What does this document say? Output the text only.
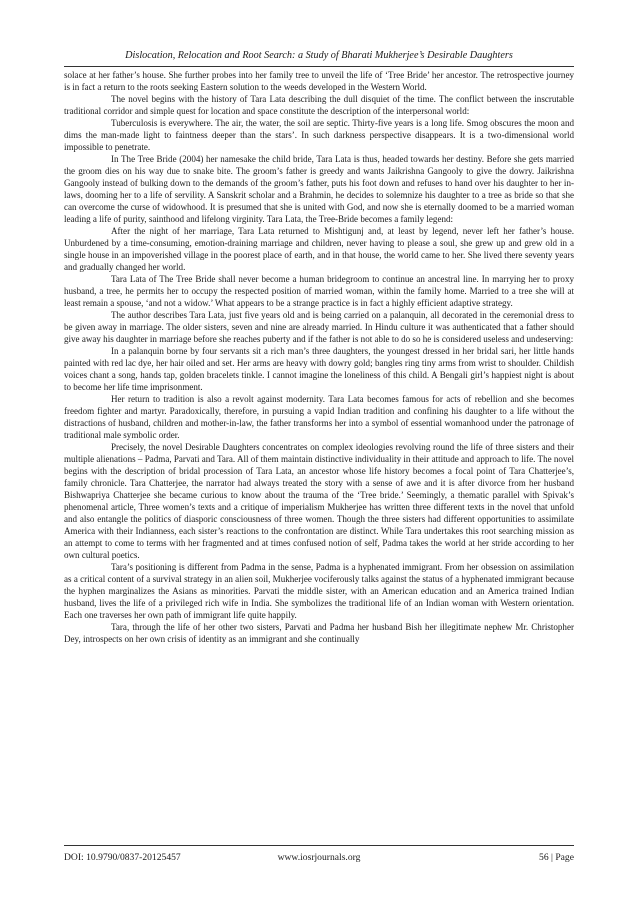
Dislocation, Relocation and Root Search: a Study of Bharati Mukherjee’s Desirable Daughters

solace at her father’s house. She further probes into her family tree to unveil the life of ‘Tree Bride’ her ancestor. The retrospective journey is in fact a return to the roots seeking Eastern solution to the weeds developed in the Western World.

The novel begins with the history of Tara Lata describing the dull disquiet of the time. The conflict between the inscrutable traditional corridor and simple quest for location and space constitute the description of the interpersonal world:

Tuberculosis is everywhere. The air, the water, the soil are septic. Thirty-five years is a long life. Smog obscures the moon and dims the man-made light to faintness deeper than the stars’. In such darkness perspective disappears. It is a two-dimensional world impossible to penetrate.

In The Tree Bride (2004) her namesake the child bride, Tara Lata is thus, headed towards her destiny. Before she gets married the groom dies on his way due to snake bite. The groom’s father is greedy and wants Jaikrishna Gangooly to give the dowry. Jaikrishna Gangooly instead of bulking down to the demands of the groom’s father, puts his foot down and refuses to hand over his daughter to her in-laws, dooming her to a life of servility. A Sanskrit scholar and a Brahmin, he decides to solemnize his daughter to a tree as bride so that she can overcome the curse of widowhood. It is presumed that she is united with God, and now she is eternally doomed to be a married woman leading a life of purity, sainthood and lifelong virginity. Tara Lata, the Tree-Bride becomes a family legend:

After the night of her marriage, Tara Lata returned to Mishtigunj and, at least by legend, never left her father’s house. Unburdened by a time-consuming, emotion-draining marriage and children, never having to please a soul, she grew up and grew old in a single house in an impoverished village in the poorest place of earth, and in that house, the world came to her. She lived there seventy years and gradually changed her world.

Tara Lata of The Tree Bride shall never become a human bridegroom to continue an ancestral line. In marrying her to proxy husband, a tree, he permits her to occupy the respected position of married woman, within the family home. Married to a tree she will at least remain a spouse, ‘and not a widow.’ What appears to be a strange practice is in fact a highly efficient adaptive strategy.

The author describes Tara Lata, just five years old and is being carried on a palanquin, all decorated in the ceremonial dress to be given away in marriage. The older sisters, seven and nine are already married. In Hindu culture it was authenticated that a father should give away his daughter in marriage before she reaches puberty and if the father is not able to do so he is considered useless and undeserving:

In a palanquin borne by four servants sit a rich man’s three daughters, the youngest dressed in her bridal sari, her little hands painted with red lac dye, her hair oiled and set. Her arms are heavy with dowry gold; bangles ring tiny arms from wrist to shoulder. Childish voices chant a song, hands tap, golden bracelets tinkle. I cannot imagine the loneliness of this child. A Bengali girl’s happiest night is about to become her life time imprisonment.

Her return to tradition is also a revolt against modernity. Tara Lata becomes famous for acts of rebellion and she becomes freedom fighter and martyr. Paradoxically, therefore, in pursuing a vapid Indian tradition and confining his daughter to a life without the distractions of husband, children and mother-in-law, the father transforms her into a symbol of essential womanhood under the patronage of traditional male symbolic order.

Precisely, the novel Desirable Daughters concentrates on complex ideologies revolving round the life of three sisters and their multiple alienations – Padma, Parvati and Tara. All of them maintain distinctive individuality in their attitude and approach to life. The novel begins with the description of bridal procession of Tara Lata, an ancestor whose life history becomes a focal point of Tara Chatterjee’s, family chronicle. Tara Chatterjee, the narrator had always treated the story with a sense of awe and it is after divorce from her husband Bishwapriya Chatterjee she became curious to know about the trauma of the ‘Tree bride.’ Seemingly, a thematic parallel with Spivak’s phenomenal article, Three women’s texts and a critique of imperialism Mukherjee has written three different texts in the novel that unfold and also entangle the politics of diasporic consciousness of three women. Though the three sisters had different opportunities to assimilate America with their Indianness, each sister’s reactions to the confrontation are distinct. While Tara undertakes this root searching mission as an attempt to come to terms with her fragmented and at times confused notion of self, Padma takes the world at her stride according to her own cultural poetics.

Tara’s positioning is different from Padma in the sense, Padma is a hyphenated immigrant. From her obsession on assimilation as a critical content of a survival strategy in an alien soil, Mukherjee vociferously talks against the status of a hyphenated immigrant because the hyphen marginalizes the Asians as minorities. Parvati the middle sister, with an American education and an America trained Indian husband, lives the life of a privileged rich wife in India. She symbolizes the traditional life of an Indian woman with Western orientation. Each one traverses her own path of immigrant life quite happily.

Tara, through the life of her other two sisters, Parvati and Padma her husband Bish her illegitimate nephew Mr. Christopher Dey, introspects on her own crisis of identity as an immigrant and she continually

DOI: 10.9790/0837-20125457	www.iosrjournals.org	56 | Page
